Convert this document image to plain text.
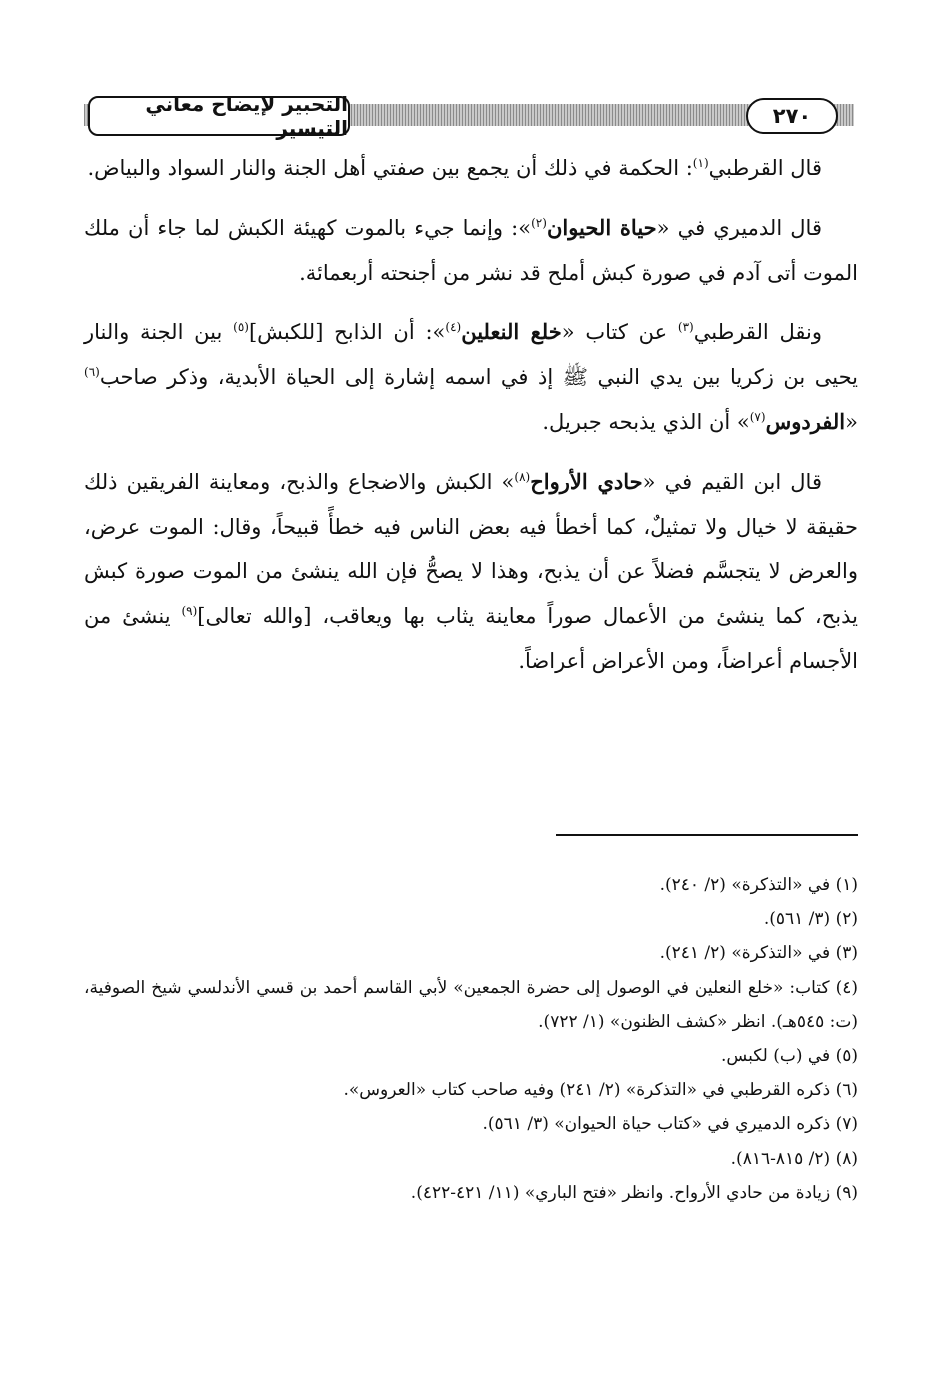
التحبير لإيضاح معاني التيسير	٢٧٠

قال القرطبي$^{(١)}$: الحكمة في ذلك أن يجمع بين صفتي أهل الجنة والنار السواد والبياض.

قال الدميري في «حياة الحيوان$^{(٢)}$»: وإنما جيء بالموت كهيئة الكبش لما جاء أن ملك الموت أتى آدم في صورة كبش أملح قد نشر من أجنحته أربعمائة.

ونقل القرطبي$^{(٣)}$ عن كتاب «خلع النعلين$^{(٤)}$»: أن الذابح [للكبش]$^{(٥)}$ بين الجنة والنار يحيى بن زكريا بين يدي النبي ﷺ إذ في اسمه إشارة إلى الحياة الأبدية، وذكر صاحب$^{(٦)}$ «الفردوس$^{(٧)}$» أن الذي يذبحه جبريل.

قال ابن القيم في «حادي الأرواح$^{(٨)}$» الكبش والاضجاع والذبح، ومعاينة الفريقين ذلك حقيقة لا خيال ولا تمثيلٌ، كما أخطأ فيه بعض الناس فيه خطأً قبيحاً، وقال: الموت عرض، والعرض لا يتجسَّم فضلاً عن أن يذبح، وهذا لا يصحُّ فإن الله ينشئ من الموت صورة كبش يذبح، كما ينشئ من الأعمال صوراً معاينة يثاب بها ويعاقب، [والله تعالى]$^{(٩)}$ ينشئ من الأجسام أعراضاً، ومن الأعراض أعراضاً.

(١) في «التذكرة» (٢/ ٢٤٠).

(٢) (٣/ ٥٦١).

(٣) في «التذكرة» (٢/ ٢٤١).

(٤) كتاب: «خلع النعلين في الوصول إلى حضرة الجمعين» لأبي القاسم أحمد بن قسي الأندلسي شيخ الصوفية، (ت: ٥٤٥هـ). انظر «كشف الظنون» (١/ ٧٢٢).

(٥) في (ب) لكبس.

(٦) ذكره القرطبي في «التذكرة» (٢/ ٢٤١) وفيه صاحب كتاب «العروس».

(٧) ذكره الدميري في «كتاب حياة الحيوان» (٣/ ٥٦١).

(٨) (٢/ ٨١٥-٨١٦).

(٩) زيادة من حادي الأرواح. وانظر «فتح الباري» (١١/ ٤٢١-٤٢٢).
